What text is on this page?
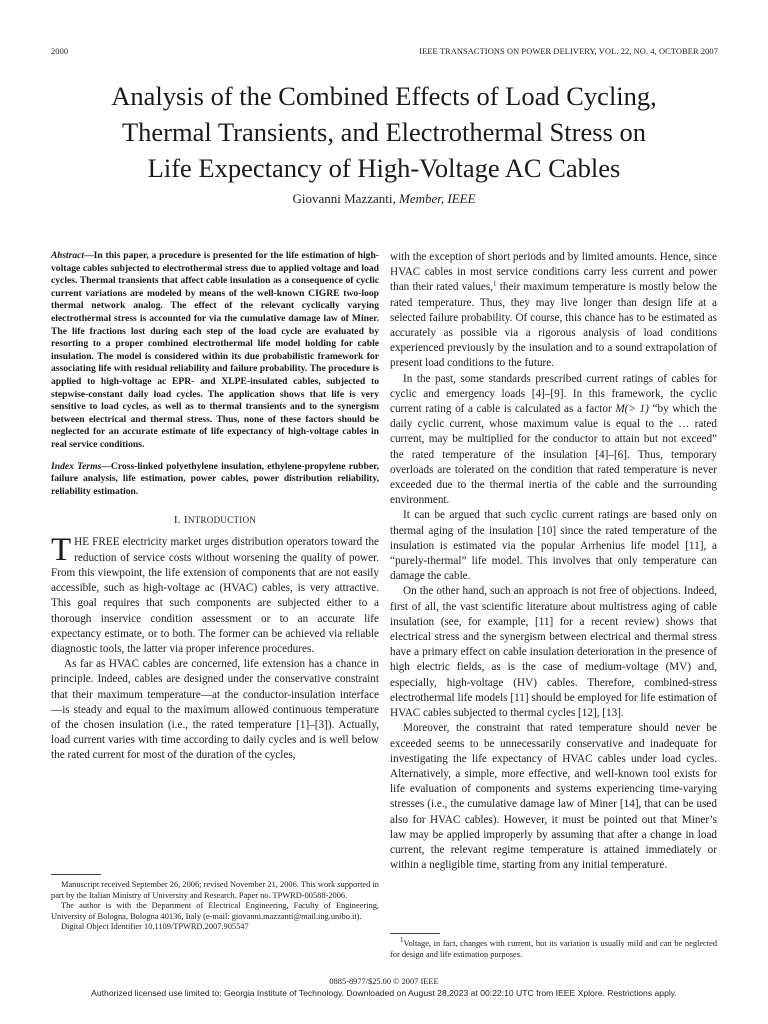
2000	IEEE TRANSACTIONS ON POWER DELIVERY, VOL. 22, NO. 4, OCTOBER 2007
Analysis of the Combined Effects of Load Cycling,
Thermal Transients, and Electrothermal Stress on
Life Expectancy of High-Voltage AC Cables
Giovanni Mazzanti, Member, IEEE
Abstract—In this paper, a procedure is presented for the life estimation of high-voltage cables subjected to electrothermal stress due to applied voltage and load cycles. Thermal transients that affect cable insulation as a consequence of cyclic current variations are modeled by means of the well-known CIGRE two-loop thermal network analog. The effect of the relevant cyclically varying electrothermal stress is accounted for via the cumulative damage law of Miner. The life fractions lost during each step of the load cycle are evaluated by resorting to a proper combined electrothermal life model holding for cable insulation. The model is considered within its due probabilistic framework for associating life with residual reliability and failure probability. The procedure is applied to high-voltage ac EPR- and XLPE-insulated cables, subjected to stepwise-constant daily load cycles. The application shows that life is very sensitive to load cycles, as well as to thermal transients and to the synergism between electrical and thermal stress. Thus, none of these factors should be neglected for an accurate estimate of life expectancy of high-voltage cables in real service conditions.
Index Terms—Cross-linked polyethylene insulation, ethylene-propylene rubber, failure analysis, life estimation, power cables, power distribution reliability, reliability estimation.
I. INTRODUCTION

THE FREE electricity market urges distribution operators toward the reduction of service costs without worsening the quality of power. From this viewpoint, the life extension of components that are not easily accessible, such as high-voltage ac (HVAC) cables, is very attractive. This goal requires that such components are subjected either to a thorough inservice condition assessment or to an accurate life expectancy estimate, or to both. The former can be achieved via reliable diagnostic tools, the latter via proper inference procedures.

As far as HVAC cables are concerned, life extension has a chance in principle. Indeed, cables are designed under the conservative constraint that their maximum temperature—at the conductor-insulation interface—is steady and equal to the maximum allowed continuous temperature of the chosen insulation (i.e., the rated temperature [1]–[3]). Actually, load current varies with time according to daily cycles and is well below the rated current for most of the duration of the cycles,

Manuscript received September 26, 2006; revised November 21, 2006. This work supported in part by the Italian Ministry of University and Research. Paper no. TPWRD-00588-2006.

The author is with the Department of Electrical Engineering, Faculty of Engineering, University of Bologna, Bologna 40136, Italy (e-mail: giovanni.mazzanti@mail.ing.unibo.it).

Digital Object Identifier 10.1109/TPWRD.2007.905547

with the exception of short periods and by limited amounts. Hence, since HVAC cables in most service conditions carry less current and power than their rated values,$^1$ their maximum temperature is mostly below the rated temperature. Thus, they may live longer than design life at a selected failure probability. Of course, this chance has to be estimated as accurately as possible via a rigorous analysis of load conditions experienced previously by the insulation and to a sound extrapolation of present load conditions to the future.

In the past, some standards prescribed current ratings of cables for cyclic and emergency loads [4]–[9]. In this framework, the cyclic current rating of a cable is calculated as a factor M(> 1) “by which the daily cyclic current, whose maximum value is equal to the … rated current, may be multiplied for the conductor to attain but not exceed” the rated temperature of the insulation [4]–[6]. Thus, temporary overloads are tolerated on the condition that rated temperature is never exceeded due to the thermal inertia of the cable and the surrounding environment.

It can be argued that such cyclic current ratings are based only on thermal aging of the insulation [10] since the rated temperature of the insulation is estimated via the popular Arrhenius life model [11], a “purely-thermal” life model. This involves that only temperature can damage the cable.

On the other hand, such an approach is not free of objections. Indeed, first of all, the vast scientific literature about multistress aging of cable insulation (see, for example, [11] for a recent review) shows that electrical stress and the synergism between electrical and thermal stress have a primary effect on cable insulation deterioration in the presence of high electric fields, as is the case of medium-voltage (MV) and, especially, high-voltage (HV) cables. Therefore, combined-stress electrothermal life models [11] should be employed for life estimation of HVAC cables subjected to thermal cycles [12], [13].

Moreover, the constraint that rated temperature should never be exceeded seems to be unnecessarily conservative and inadequate for investigating the life expectancy of HVAC cables under load cycles. Alternatively, a simple, more effective, and well-known tool exists for life evaluation of components and systems experiencing time-varying stresses (i.e., the cumulative damage law of Miner [14], that can be used also for HVAC cables). However, it must be pointed out that Miner’s law may be applied improperly by assuming that after a change in load current, the relevant regime temperature is attained immediately or within a negligible time, starting from any initial temperature.

$^1$Voltage, in fact, changes with current, but its variation is usually mild and can be neglected for design and life estimation purposes.

0885-8977/$25.00 © 2007 IEEE
Authorized licensed use limited to: Georgia Institute of Technology. Downloaded on August 28,2023 at 00:22:10 UTC from IEEE Xplore. Restrictions apply.
